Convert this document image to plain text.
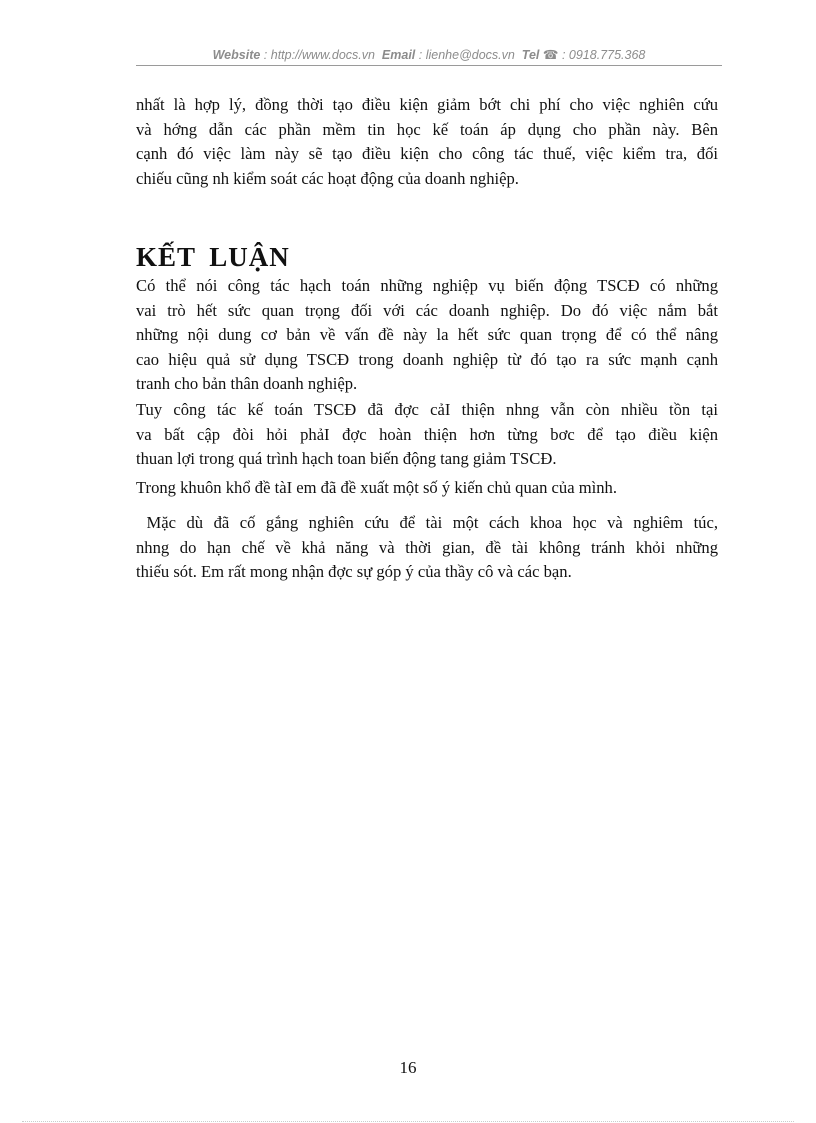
Website : http://www.docs.vn Email : lienhe@docs.vn Tel ☎ : 0918.775.368
nhất là hợp lý, đồng thời tạo điều kiện giảm bớt chi phí cho việc nghiên cứu
và hớng dẫn các phần mềm tin học kế toán áp dụng cho phần này. Bên
cạnh đó việc làm này sẽ tạo điều kiện cho công tác thuế, việc kiểm tra, đối
chiếu cũng nh kiểm soát các hoạt động của doanh nghiệp.
KẾT LUẬN
Có thể nói công tác hạch toán những nghiệp vụ biến động TSCĐ có những
vai trò hết sức quan trọng đối với các doanh nghiệp. Do đó việc nắm bắt
những nội dung cơ bản về vấn đề này la hết sức quan trọng để có thể nâng
cao hiệu quả sử dụng TSCĐ trong doanh nghiệp từ đó tạo ra sức mạnh cạnh
tranh cho bản thân doanh nghiệp.
Tuy công tác kế toán TSCĐ đã đợc cảI thiện nhng vẫn còn nhiều tồn tại
va bất cập đòi hỏi phảI đợc hoàn thiện hơn từng bơc để tạo điều kiện
thuan lợi trong quá trình hạch toan biến động tang giảm TSCĐ.
Trong khuôn khổ đề tàI em đã đề xuất một số ý kiến chủ quan của mình.
Mặc dù đã cố gắng nghiên cứu để tài một cách khoa học và nghiêm túc,
nhng do hạn chế về khả năng và thời gian, đề tài không tránh khỏi những
thiếu sót. Em rất mong nhận đợc sự góp ý của thầy cô và các bạn.
16
